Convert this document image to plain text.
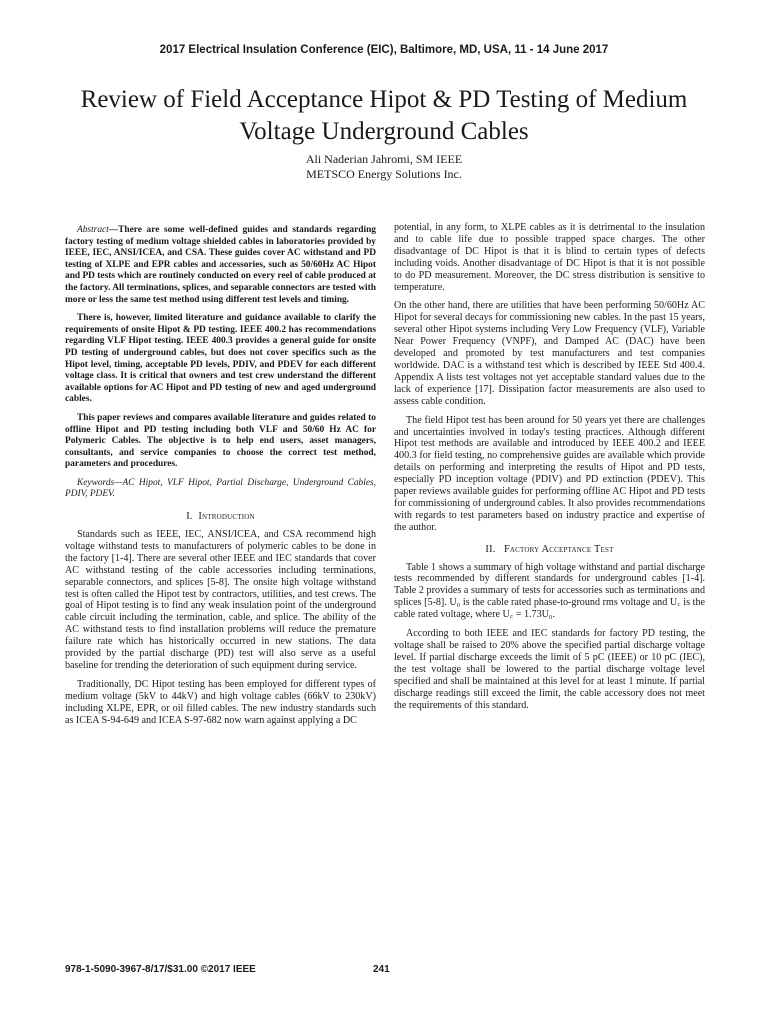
2017 Electrical Insulation Conference (EIC), Baltimore, MD, USA, 11 - 14 June 2017
Review of Field Acceptance Hipot & PD Testing of Medium Voltage Underground Cables
Ali Naderian Jahromi, SM IEEE
METSCO Energy Solutions Inc.

Abstract—There are some well-defined guides and standards regarding factory testing of medium voltage shielded cables in laboratories provided by IEEE, IEC, ANSI/ICEA, and CSA. These guides cover AC withstand and PD testing of XLPE and EPR cables and accessories, such as 50/60Hz AC Hipot and PD tests which are routinely conducted on every reel of cable produced at the factory. All terminations, splices, and separable connectors are tested with more or less the same test method using different test levels and timing.

There is, however, limited literature and guidance available to clarify the requirements of onsite Hipot & PD testing. IEEE 400.2 has recommendations regarding VLF Hipot testing. IEEE 400.3 provides a general guide for onsite PD testing of underground cables, but does not cover specifics such as the Hipot level, timing, acceptable PD levels, PDIV, and PDEV for each different voltage class. It is critical that owners and test crew understand the different available options for AC Hipot and PD testing of new and aged underground cables.

This paper reviews and compares available literature and guides related to offline Hipot and PD testing including both VLF and 50/60 Hz AC for Polymeric Cables. The objective is to help end users, asset managers, consultants, and service companies to choose the correct test method, parameters and procedures.

Keywords—AC Hipot, VLF Hipot, Partial Discharge, Underground Cables, PDIV, PDEV.

I. Introduction

Standards such as IEEE, IEC, ANSI/ICEA, and CSA recommend high voltage withstand tests to manufacturers of polymeric cables to be done in the factory [1-4]. There are several other IEEE and IEC standards that cover AC withstand testing of the cable accessories including terminations, separable connectors, and splices [5-8]. The onsite high voltage withstand test is often called the Hipot test by contractors, utilities, and test crews. The goal of Hipot testing is to find any weak insulation point of the underground cable circuit including the termination, cable, and splice. The ability of the AC withstand tests to find installation problems will reduce the premature failure rate which has historically occurred in new stations. The data provided by the partial discharge (PD) test will also serve as a useful baseline for trending the deterioration of such equipment during service.

Traditionally, DC Hipot testing has been employed for different types of medium voltage (5kV to 44kV) and high voltage cables (66kV to 230kV) including XLPE, EPR, or oil filled cables. The new industry standards such as ICEA S-94-649 and ICEA S-97-682 now warn against applying a DC

potential, in any form, to XLPE cables as it is detrimental to the insulation and to cable life due to possible trapped space charges. The other disadvantage of DC Hipot is that it is blind to certain types of defects including voids. Another disadvantage of DC Hipot is that it is not possible to do PD measurement. Moreover, the DC stress distribution is sensitive to temperature.

On the other hand, there are utilities that have been performing 50/60Hz AC Hipot for several decays for commissioning new cables. In the past 15 years, several other Hipot systems including Very Low Frequency (VLF), Variable Near Power Frequency (VNPF), and Damped AC (DAC) have been developed and promoted by test manufacturers and test companies worldwide. DAC is a withstand test which is described by IEEE Std 400.4. Appendix A lists test voltages not yet acceptable standard values due to the lack of experience [17]. Dissipation factor measurements are also used to assess cable condition.

The field Hipot test has been around for 50 years yet there are challenges and uncertainties involved in today's testing practices. Although different Hipot test methods are available and introduced by IEEE 400.2 and IEEE 400.3 for field testing, no comprehensive guides are available which provide details on performing and interpreting the results of Hipot and PD tests, especially PD inception voltage (PDIV) and PD extinction (PDEV). This paper reviews available guides for performing offline AC Hipot and PD tests for commissioning of underground cables. It also provides recommendations with regards to test parameters based on industry practice and expertise of the author.

II. Factory Acceptance Test

Table 1 shows a summary of high voltage withstand and partial discharge tests recommended by different standards for underground cables [1-4]. Table 2 provides a summary of tests for accessories such as terminations and splices [5-8]. U₀ is the cable rated phase-to-ground rms voltage and U꜀ is the cable rated voltage, where U꜀ = 1.73U₀.

According to both IEEE and IEC standards for factory PD testing, the voltage shall be raised to 20% above the specified partial discharge voltage level. If partial discharge exceeds the limit of 5 pC (IEEE) or 10 pC (IEC), the test voltage shall be lowered to the partial discharge voltage level specified and shall be maintained at this level for at least 1 minute. If partial discharge readings still exceed the limit, the cable accessory does not meet the requirements of this standard.

978-1-5090-3967-8/17/$31.00 ©2017 IEEE	241
